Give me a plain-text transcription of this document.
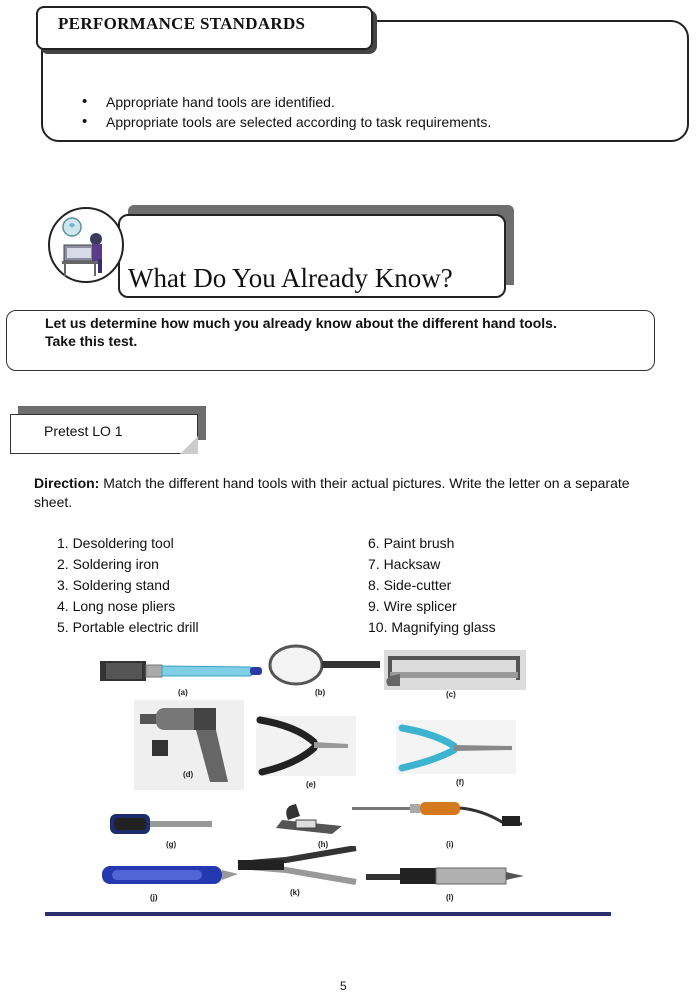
PERFORMANCE STANDARDS
• Appropriate hand tools are identified.
• Appropriate tools are selected according to task requirements.
What Do You Already Know?
Let us determine how much you already know about the different hand tools.
Take this test.
Pretest LO 1
Direction: Match the different hand tools with their actual pictures. Write the letter on a separate sheet.
1. Desoldering tool
2. Soldering iron
3. Soldering stand
4. Long nose pliers
5. Portable electric drill
6. Paint brush
7. Hacksaw
8. Side-cutter
9. Wire splicer
10. Magnifying glass
(a)	(b)	(c)
(d)
(e)	(f)
(g)	(h)	(i)
(j)
(k)
(l)
5
